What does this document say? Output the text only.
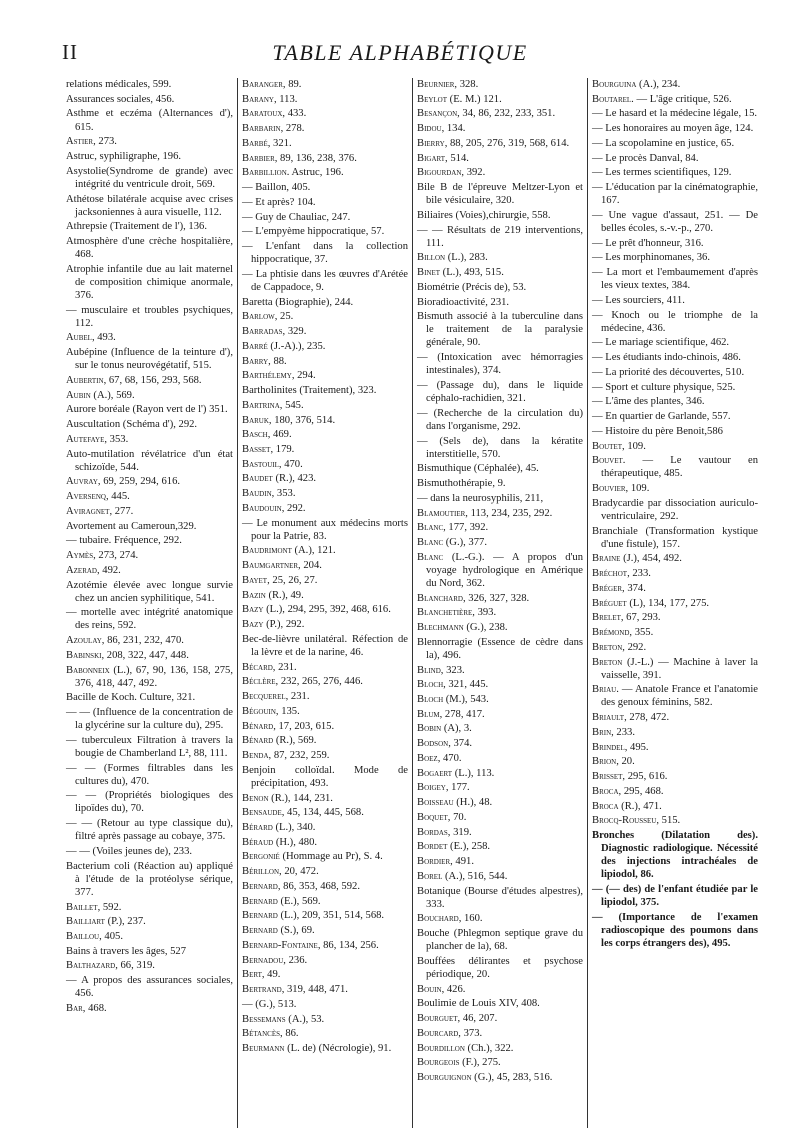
II	TABLE ALPHABÉTIQUE
relations médicales, 599.
Assurances sociales, 456.
Asthme et eczéma (Alternances d'), 615.
Astier, 273.
Astruc, syphiligraphe, 196.
Asystolie(Syndrome de grande) avec intégrité du ventricule droit, 569.
Athétose bilatérale acquise avec crises jacksoniennes à aura visuelle, 112.
Athrepsie (Traitement de l'), 136.
Atmosphère d'une crèche hospitalière, 468.
Atrophie infantile due au lait maternel de composition chimique anormale, 376.
— musculaire et troubles psychiques, 112.
Aubel, 493.
Aubépine (Influence de la teinture d'), sur le tonus neurovégétatif, 515.
Aubertin, 67, 68, 156, 293, 568.
Aubin (A.), 569.
Aurore boréale (Rayon vert de l') 351.
Auscultation (Schéma d'), 292.
Autefaye, 353.
Auto-mutilation révélatrice d'un état schizoïde, 544.
Auvray, 69, 259, 294, 616.
Aversenq, 445.
Avirag​net, 277.
Avortement au Cameroun,329.
— tubaire. Fréquence, 292.
Aymès, 273, 274.
Azerad, 492.
Azotémie élevée avec longue survie chez un ancien syphilitique, 541.
— mortelle avec intégrité anatomique des reins, 592.
Azoulay, 86, 231, 232, 470.
Babinski, 208, 322, 447, 448.
Babonneix (L.), 67, 90, 136, 158, 275, 376, 418, 447, 492.
Bacille de Koch. Culture, 321.
— — (Influence de la concentration de la glycérine sur la culture du), 295.
— tuberculeux Filtration à travers la bougie de Chamberland L², 88, 111.
— — (Formes filtrables dans les cultures du), 470.
— — (Propriétés biologiques des lipoïdes du), 70.
— — (Retour au type classique du), filtré après passage au cobaye, 375.
— — (Voiles jeunes de), 233.
Bacterium coli (Réaction au) appliqué à l'étude de la protéolyse sérique, 377.
Baillet, 592.
Bailliart (P.), 237.
Baillou, 405.
Bains à travers les âges, 527
Balthazard, 66, 319.
— A propos des assurances sociales, 456.
Bar, 468.
Baranger, 89.
Barany, 113.
Baratoux, 433.
Barbarin, 278.
Barbé, 321.
Barbier, 89, 136, 238, 376.
Barbillion. Astruc, 196.
— Baillon, 405.
— Et après? 104.
— Guy de Chauliac, 247.
— L'empyème hippocratique, 57.
— L'enfant dans la collection hippocratique, 37.
— La phtisie dans les œuvres d'Arétée de Cappadoce, 9.
Baretta (Biographie), 244.
Barlow, 25.
Barradas, 329.
Barré (J.-A).), 235.
Barry, 88.
Barthélemy, 294.
Bartholinites (Traitement), 323.
Bartrina, 545.
Baruk, 180, 376, 514.
Basch, 469.
Basset, 179.
Bastouil, 470.
Baudet (R.), 423.
Baudin, 353.
Baudouin, 292.
— Le monument aux médecins morts pour la Patrie, 83.
Baudrimont (A.), 121.
Baumgartner, 204.
Bayet, 25, 26, 27.
Bazin (R.), 49.
Bazy (L.), 294, 295, 392, 468, 616.
Bazy (P.), 292.
Bec-de-lièvre unilatéral. Réfection de la lèvre et de la narine, 46.
Bécard, 231.
Béclère, 232, 265, 276, 446.
Becquerel, 231.
Bégouin, 135.
Bénard, 17, 203, 615.
Bénard (R.), 569.
Benda, 87, 232, 259.
Benjoin colloïdal. Mode de précipitation, 493.
Benon (R.), 144, 231.
Bensaude, 45, 134, 445, 568.
Bérard (L.), 340.
Béraud (H.), 480.
Bergonié (Hommage au Pr), S. 4.
Bérillon, 20, 472.
Bernard, 86, 353, 468, 592.
Bernard (E.), 569.
Bernard (L.), 209, 351, 514, 568.
Bernard (S.), 69.
Bernard-Fontaine, 86, 134, 256.
Bernadou, 236.
Bert, 49.
Bertrand, 319, 448, 471.
— (G.), 513.
Bessemans (A.), 53.
Bétancès, 86.
Beurmann (L. de) (Nécrologie), 91.
Beurnier, 328.
Beylot (E. M.) 121.
Besançon, 34, 86, 232, 233, 351.
Bidou, 134.
Bierry, 88, 205, 276, 319, 568, 614.
Bigart, 514.
Bigourdan, 392.
Bile B de l'épreuve Meltzer-Lyon et bile vésiculaire, 320.
Biliaires (Voies),chirurgie, 558.
— — Résultats de 219 interventions, 111.
Billon (L.), 283.
Binet (L.), 493, 515.
Biométrie (Précis de), 53.
Bioradioactivité, 231.
Bismuth associé à la tuberculine dans le traitement de la paralysie générale, 90.
— (Intoxication avec hémorragies intestinales), 374.
— (Passage du), dans le liquide céphalo-rachidien, 321.
— (Recherche de la circulation du) dans l'organisme, 292.
— (Sels de), dans la kératite interstitielle, 570.
Bismuthique (Céphalée), 45.
Bismuthothérapie, 9.
— dans la neurosyphilis, 211,
Blamoutier, 113, 234, 235, 292.
Blanc, 177, 392.
Blanc (G.), 377.
Blanc (L.-G.). — A propos d'un voyage hydrologique en Amérique du Nord, 362.
Blanchard, 326, 327, 328.
Blanchetière, 393.
Blechmann (G.), 238.
Blennorragie (Essence de cèdre dans la), 496.
Blind, 323.
Bloch, 321, 445.
Bloch (M.), 543.
Blum, 278, 417.
Bobin (A), 3.
Bodson, 374.
Boez, 470.
Bogaert (L.), 113.
Boigey, 177.
Boisseau (H.), 48.
Boquet, 70.
Bordas, 319.
Bordet (E.), 258.
Bordier, 491.
Borel (A.), 516, 544.
Botanique (Bourse d'études alpestres), 333.
Bouchard, 160.
Bouche (Phlegmon septique grave du plancher de la), 68.
Bouffées délirantes et psychose périodique, 20.
Bouin, 426.
Boulimie de Louis XIV, 408.
Bourguet, 46, 207.
Bourcard, 373.
Bourdillon (Ch.), 322.
Bourgeois (F.), 275.
Bourguignon (G.), 45, 283, 516.
Bourguina (A.), 234.
Boutarel. — L'âge critique, 526.
— Le hasard et la médecine légale, 15.
— Les honoraires au moyen âge, 124.
— La scopolamine en justice, 65.
— Le procès Danval, 84.
— Les termes scientifiques, 129.
— L'éducation par la cinématographie, 167.
— Une vague d'assaut, 251. — De belles écoles, s.-v.-p., 270.
— Le prêt d'honneur, 316.
— Les morphinomanes, 36.
— La mort et l'embaumement d'après les vieux textes, 384.
— Les sourciers, 411.
— Knoch ou le triomphe de la médecine, 436.
— Le mariage scientifique, 462.
— Les étudiants indo-chinois, 486.
— La priorité des découvertes, 510.
— Sport et culture physique, 525.
— L'âme des plantes, 346.
— En quartier de Garlande, 557.
— Histoire du père Benoit,586
Boutet, 109.
Bouvet. — Le vautour en thérapeutique, 485.
Bouvier, 109.
Bradycardie par dissociation auriculo-ventriculaire, 292.
Branchiale (Transformation kystique d'une fistule), 157.
Braine (J.), 454, 492.
Bréchot, 233.
Bréger, 374.
Bréguet (L), 134, 177, 275.
Brelet, 67, 293.
Brémond, 355.
Breton, 292.
Breton (J.-L.) — Machine à laver la vaisselle, 391.
Briau. — Anatole France et l'anatomie des genoux féminins, 582.
Briault, 278, 472.
Brin, 233.
Brindel, 495.
Brion, 20.
Brisset, 295, 616.
Broca, 295, 468.
Broca (R.), 471.
Brocq-Rousseu, 515.
Bronches (Dilatation des). Diagnostic radiologique. Nécessité des injections intrachéales de lipiodol, 86.
— (— des) de l'enfant étudiée par le lipiodol, 375.
— (Importance de l'examen radioscopique des poumons dans les corps étrangers des), 495.
